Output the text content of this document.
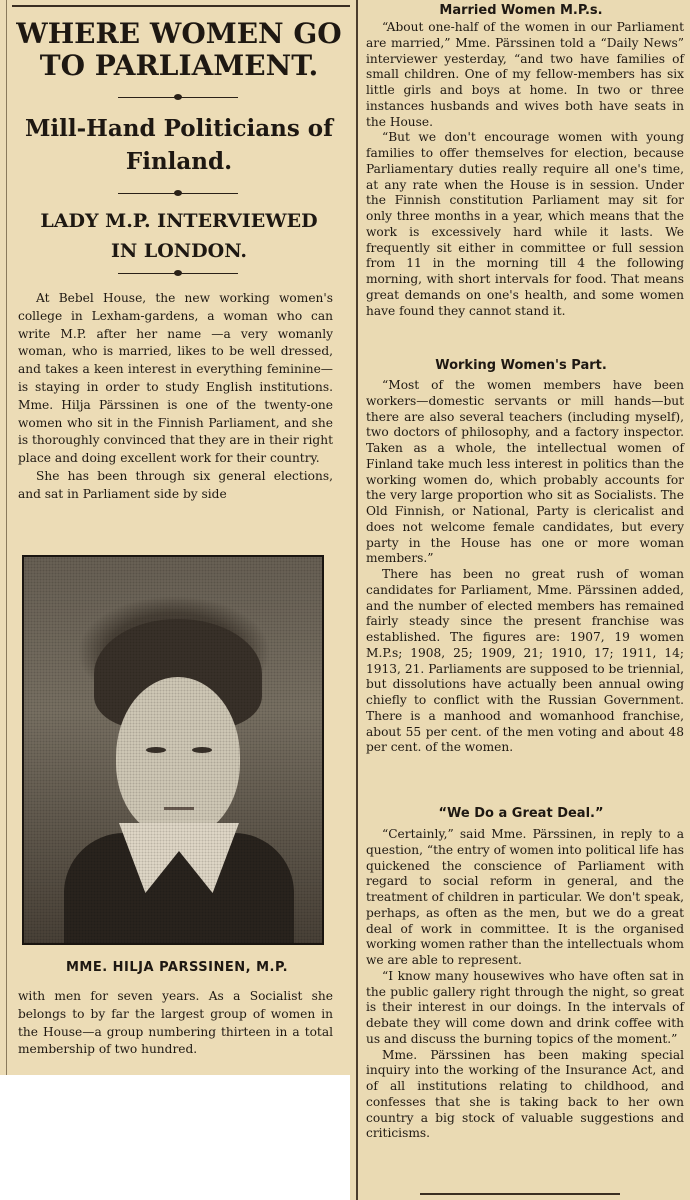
WHERE WOMEN GO TO PARLIAMENT.
Mill-Hand Politicians of Finland.
LADY M.P. INTERVIEWED
IN LONDON.

At Bebel House, the new working women's college in Lexham-gardens, a woman who can write M.P. after her name —a very womanly woman, who is married, likes to be well dressed, and takes a keen interest in everything feminine—is staying in order to study English institutions. Mme. Hilja Pärssinen is one of the twenty-one women who sit in the Finnish Parliament, and she is thoroughly convinced that they are in their right place and doing excellent work for their country.

She has been through six general elections, and sat in Parliament side by side

MME. HILJA PARSSINEN, M.P.

with men for seven years. As a Socialist she belongs to by far the largest group of women in the House—a group numbering thirteen in a total membership of two hundred.

Married Women M.P.s.

“About one-half of the women in our Parliament are married,” Mme. Pärssinen told a “Daily News” interviewer yesterday, “and two have families of small children. One of my fellow-members has six little girls and boys at home. In two or three instances husbands and wives both have seats in the House.

“But we don't encourage women with young families to offer themselves for election, because Parliamentary duties really require all one's time, at any rate when the House is in session. Under the Finnish constitution Parliament may sit for only three months in a year, which means that the work is excessively hard while it lasts. We frequently sit either in committee or full session from 11 in the morning till 4 the following morning, with short intervals for food. That means great demands on one's health, and some women have found they cannot stand it.

Working Women's Part.

“Most of the women members have been workers—domestic servants or mill hands—but there are also several teachers (including myself), two doctors of philosophy, and a factory inspector. Taken as a whole, the intellectual women of Finland take much less interest in politics than the working women do, which probably accounts for the very large proportion who sit as Socialists. The Old Finnish, or National, Party is clericalist and does not welcome female candidates, but every party in the House has one or more woman members.”

There has been no great rush of woman candidates for Parliament, Mme. Pärssinen added, and the number of elected members has remained fairly steady since the present franchise was established. The figures are: 1907, 19 women M.P.s; 1908, 25; 1909, 21; 1910, 17; 1911, 14; 1913, 21. Parliaments are supposed to be triennial, but dissolutions have actually been annual owing chiefly to conflict with the Russian Government. There is a manhood and womanhood franchise, about 55 per cent. of the men voting and about 48 per cent. of the women.

“We Do a Great Deal.”

“Certainly,” said Mme. Pärssinen, in reply to a question, “the entry of women into political life has quickened the conscience of Parliament with regard to social reform in general, and the treatment of children in particular. We don't speak, perhaps, as often as the men, but we do a great deal of work in committee. It is the organised working women rather than the intellectuals whom we are able to represent.

“I know many housewives who have often sat in the public gallery right through the night, so great is their interest in our doings. In the intervals of debate they will come down and drink coffee with us and discuss the burning topics of the moment.”

Mme. Pärssinen has been making special inquiry into the working of the Insurance Act, and of all institutions relating to childhood, and confesses that she is taking back to her own country a big stock of valuable suggestions and criticisms.
